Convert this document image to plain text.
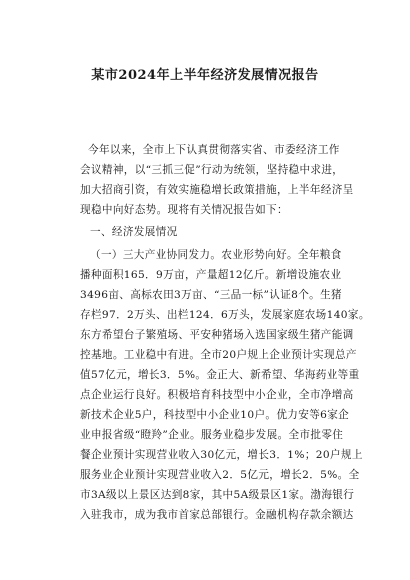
某市2024年上半年经济发展情况报告
今年以来，全市上下认真贯彻落实省、市委经济工作
会议精神，以“三抓三促”行动为统领，坚持稳中求进，
加大招商引资，有效实施稳增长政策措施，上半年经济呈
现稳中向好态势。现将有关情况报告如下：
一、经济发展情况
（一）三大产业协同发力。农业形势向好。全年粮食
播种面积165．9万亩，产量超12亿斤。新增设施农业
3496亩、高标农田3万亩、“三品一标”认证8个。生猪
存栏97．2万头、出栏124．6万头，发展家庭农场140家。
东方希望台子繁殖场、平安种猪场入选国家级生猪产能调
控基地。工业稳中有进。全市20户规上企业预计实现总产
值57亿元，增长3．5%。金正大、新希望、华海药业等重
点企业运行良好。积极培育科技型中小企业，全市净增高
新技术企业5户，科技型中小企业10户。优力安等6家企
业申报省级“瞪羚”企业。服务业稳步发展。全市批零住
餐企业预计实现营业收入30亿元，增长3．1%；20户规上
服务业企业预计实现营业收入2．5亿元，增长2．5%。全
市3A级以上景区达到8家，其中5A级景区1家。渤海银行
入驻我市，成为我市首家总部银行。金融机构存款余额达
